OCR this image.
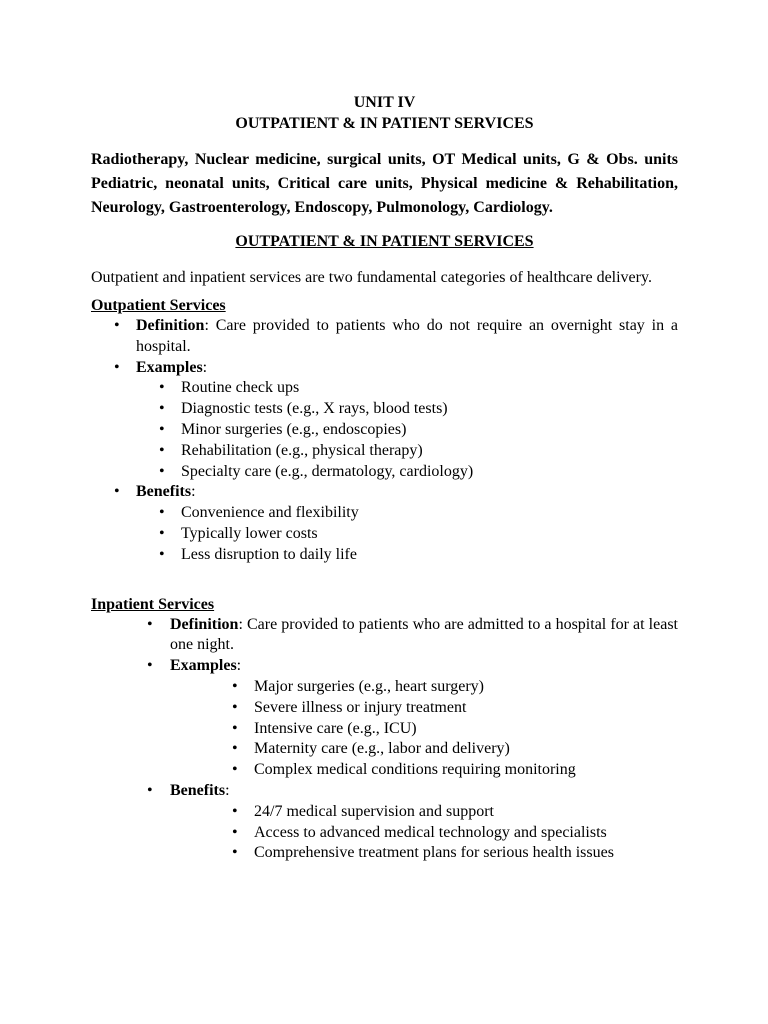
UNIT IV

OUTPATIENT & IN PATIENT SERVICES

Radiotherapy, Nuclear medicine, surgical units, OT Medical units, G & Obs. units Pediatric, neonatal units, Critical care units, Physical medicine & Rehabilitation, Neurology, Gastroenterology, Endoscopy, Pulmonology, Cardiology.

OUTPATIENT & IN PATIENT SERVICES

Outpatient and inpatient services are two fundamental categories of healthcare delivery.

Outpatient Services

• Definition: Care provided to patients who do not require an overnight stay in a hospital.
• Examples:
• Routine check ups
• Diagnostic tests (e.g., X rays, blood tests)
• Minor surgeries (e.g., endoscopies)
• Rehabilitation (e.g., physical therapy)
• Specialty care (e.g., dermatology, cardiology)
• Benefits:
• Convenience and flexibility
• Typically lower costs
• Less disruption to daily life

Inpatient Services

• Definition: Care provided to patients who are admitted to a hospital for at least one night.
• Examples:
• Major surgeries (e.g., heart surgery)
• Severe illness or injury treatment
• Intensive care (e.g., ICU)
• Maternity care (e.g., labor and delivery)
• Complex medical conditions requiring monitoring
• Benefits:
• 24/7 medical supervision and support
• Access to advanced medical technology and specialists
• Comprehensive treatment plans for serious health issues
